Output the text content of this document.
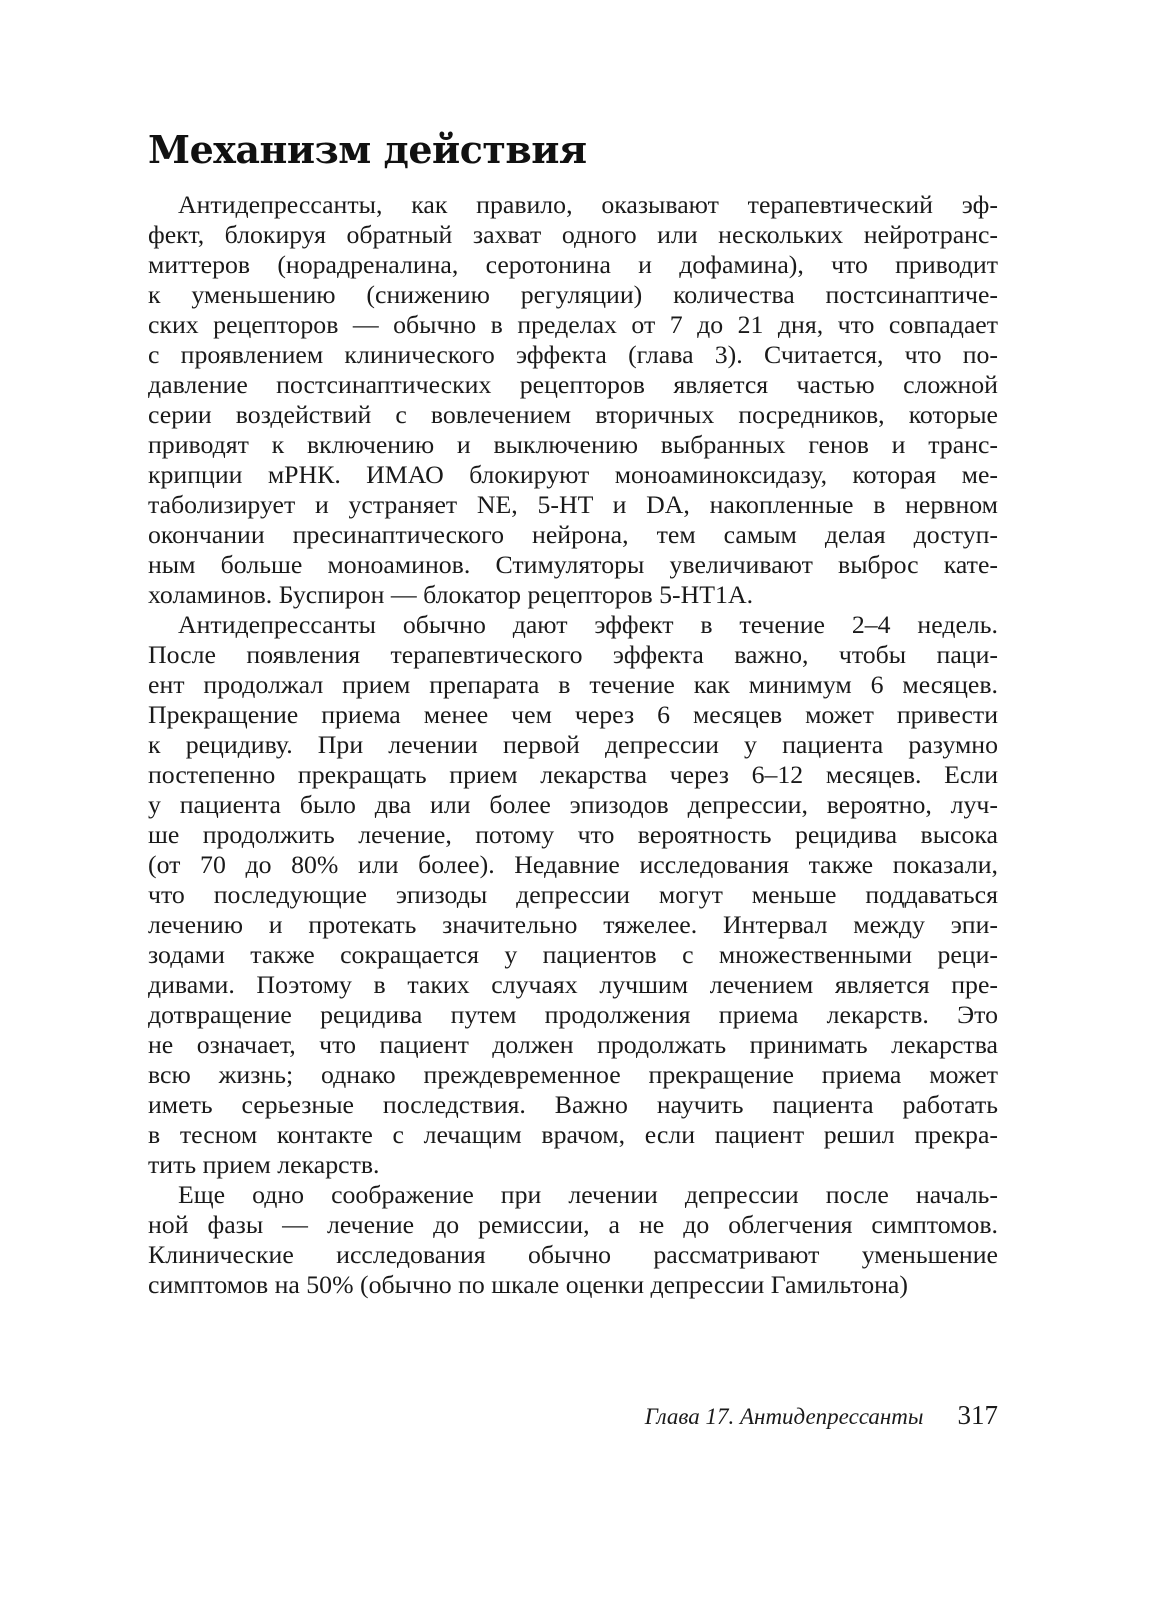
Механизм действия
Антидепрессанты, как правило, оказывают терапевтический эф-
фект, блокируя обратный захват одного или нескольких нейротранс-
миттеров (норадреналина, серотонина и дофамина), что приводит
к уменьшению (снижению регуляции) количества постсинаптиче-
ских рецепторов — обычно в пределах от 7 до 21 дня, что совпадает
с проявлением клинического эффекта (глава 3). Считается, что по-
давление постсинаптических рецепторов является частью сложной
серии воздействий с вовлечением вторичных посредников, которые
приводят к включению и выключению выбранных генов и транс-
крипции мРНК. ИМАО блокируют моноаминоксидазу, которая ме-
таболизирует и устраняет NE, 5-HT и DA, накопленные в нервном
окончании пресинаптического нейрона, тем самым делая доступ-
ным больше моноаминов. Стимуляторы увеличивают выброс кате-
холаминов. Буспирон — блокатор рецепторов 5-HT1A.
Антидепрессанты обычно дают эффект в течение 2–4 недель.
После появления терапевтического эффекта важно, чтобы паци-
ент продолжал прием препарата в течение как минимум 6 месяцев.
Прекращение приема менее чем через 6 месяцев может привести
к рецидиву. При лечении первой депрессии у пациента разумно
постепенно прекращать прием лекарства через 6–12 месяцев. Если
у пациента было два или более эпизодов депрессии, вероятно, луч-
ше продолжить лечение, потому что вероятность рецидива высока
(от 70 до 80% или более). Недавние исследования также показали,
что последующие эпизоды депрессии могут меньше поддаваться
лечению и протекать значительно тяжелее. Интервал между эпи-
зодами также сокращается у пациентов с множественными реци-
дивами. Поэтому в таких случаях лучшим лечением является пре-
дотвращение рецидива путем продолжения приема лекарств. Это
не означает, что пациент должен продолжать принимать лекарства
всю жизнь; однако преждевременное прекращение приема может
иметь серьезные последствия. Важно научить пациента работать
в тесном контакте с лечащим врачом, если пациент решил прекра-
тить прием лекарств.
Еще одно соображение при лечении депрессии после началь-
ной фазы — лечение до ремиссии, а не до облегчения симптомов.
Клинические исследования обычно рассматривают уменьшение
симптомов на 50% (обычно по шкале оценки депрессии Гамильтона)
Глава 17. Антидепрессанты 317
